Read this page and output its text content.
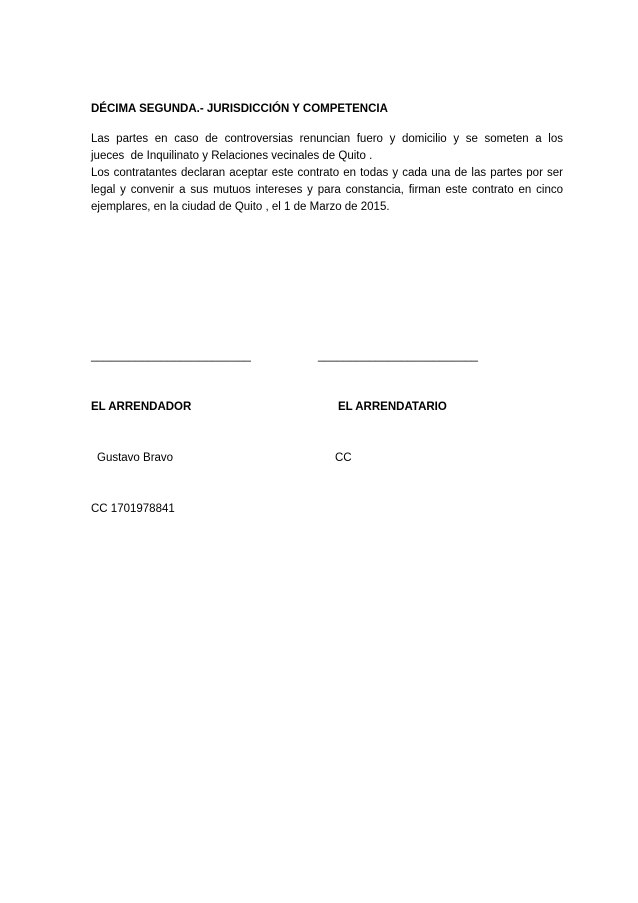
DÉCIMA SEGUNDA.- JURISDICCIÓN Y COMPETENCIA
Las partes en caso de controversias renuncian fuero y domicilio y se someten a los
jueces  de Inquilinato y Relaciones vecinales de Quito .
Los contratantes declaran aceptar este contrato en todas y cada una de las partes por ser
legal y convenir a sus mutuos intereses y para constancia, firman este contrato en cinco
ejemplares, en la ciudad de Quito , el 1 de Marzo de 2015.

_________________________

EL ARRENDADOR

Gustavo Bravo

CC 1701978841

_________________________

EL ARRENDATARIO

CC
